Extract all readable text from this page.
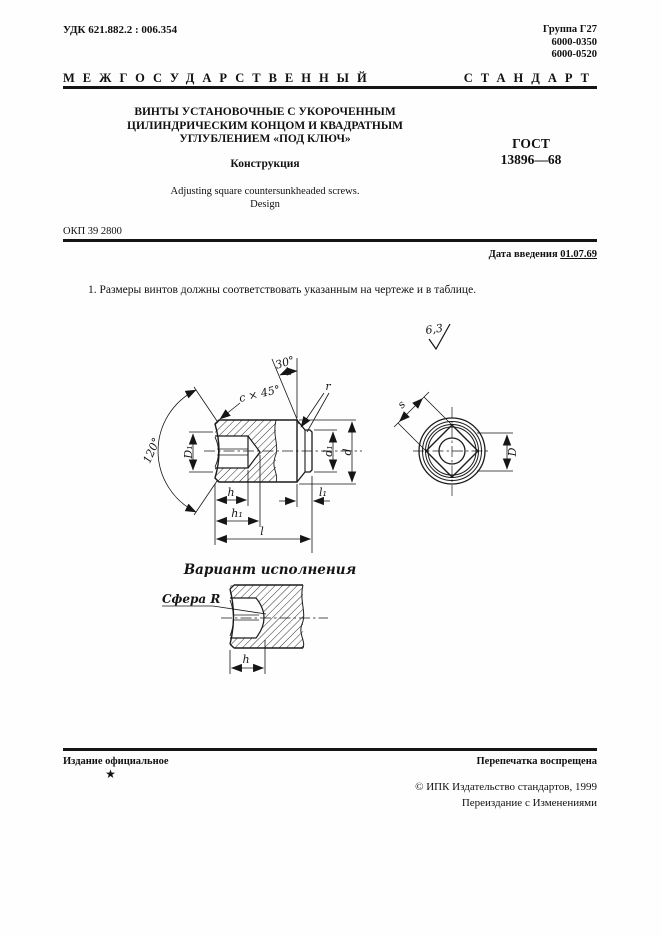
УДК 621.882.2 : 006.354	Группа Г27
6000-0350
6000-0520
МЕЖГОСУДАРСТВЕННЫЙ	СТАНДАРТ
ВИНТЫ УСТАНОВОЧНЫЕ С УКОРОЧЕННЫМ
ЦИЛИНДРИЧЕСКИМ КОНЦОМ И КВАДРАТНЫМ
УГЛУБЛЕНИЕМ «ПОД КЛЮЧ»
Конструкция
ГОСТ
13896—68
Adjusting square countersunkheaded screws.
Design
ОКП 39 2800
Дата введения 01.07.69
1. Размеры винтов должны соответствовать указанным на чертеже и в таблице.
6,3
120° D₁
c × 45°
30°
r
d₁ d
h
h₁
l
l₁
s
D
Вариант исполнения
Сфера R
h
Издание официальное
★
Перепечатка воспрещена
© ИПК Издательство стандартов, 1999
Переиздание с Изменениями
